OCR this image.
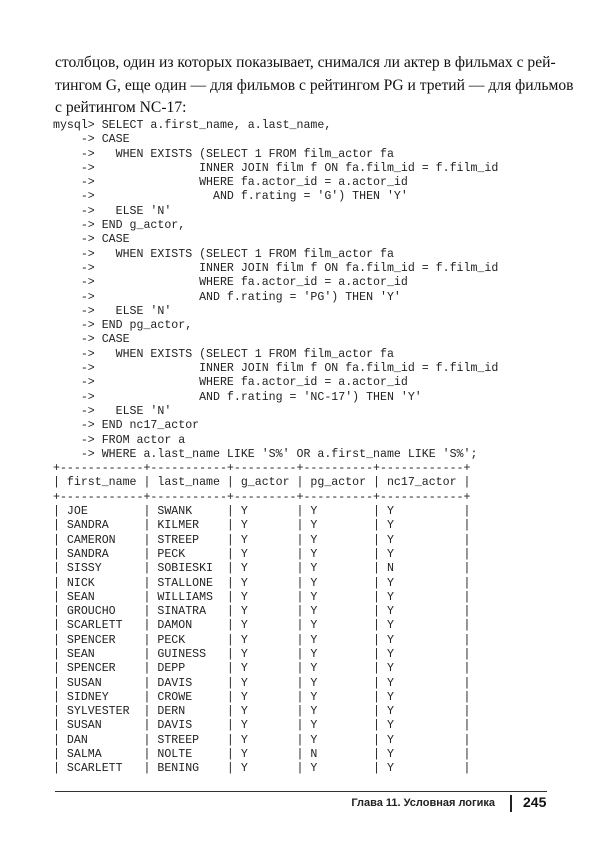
столбцов, один из которых показывает, снимался ли актер в фильмах с рей-
тингом G, еще один — для фильмов с рейтингом PG и третий — для фильмов
с рейтингом NC-17:
mysql> SELECT a.first_name, a.last_name,
-> CASE
->   WHEN EXISTS (SELECT 1 FROM film_actor fa
->               INNER JOIN film f ON fa.film_id = f.film_id
->               WHERE fa.actor_id = a.actor_id
->                 AND f.rating = 'G') THEN 'Y'
->   ELSE 'N'
-> END g_actor,
-> CASE
->   WHEN EXISTS (SELECT 1 FROM film_actor fa
->               INNER JOIN film f ON fa.film_id = f.film_id
->               WHERE fa.actor_id = a.actor_id
->               AND f.rating = 'PG') THEN 'Y'
->   ELSE 'N'
-> END pg_actor,
-> CASE
->   WHEN EXISTS (SELECT 1 FROM film_actor fa
->               INNER JOIN film f ON fa.film_id = f.film_id
->               WHERE fa.actor_id = a.actor_id
->               AND f.rating = 'NC-17') THEN 'Y'
->   ELSE 'N'
-> END nc17_actor
-> FROM actor a
-> WHERE a.last_name LIKE 'S%' OR a.first_name LIKE 'S%';
+------------+-----------+---------+----------+------------+
| first_name | last_name | g_actor | pg_actor | nc17_actor |
+------------+-----------+---------+----------+------------+
| JOE        | SWANK     | Y       | Y        | Y          |
| SANDRA     | KILMER    | Y       | Y        | Y          |
| CAMERON    | STREEP    | Y       | Y        | Y          |
| SANDRA     | PECK      | Y       | Y        | Y          |
| SISSY      | SOBIESKI  | Y       | Y        | N          |
| NICK       | STALLONE  | Y       | Y        | Y          |
| SEAN       | WILLIAMS  | Y       | Y        | Y          |
| GROUCHO    | SINATRA   | Y       | Y        | Y          |
| SCARLETT   | DAMON     | Y       | Y        | Y          |
| SPENCER    | PECK      | Y       | Y        | Y          |
| SEAN       | GUINESS   | Y       | Y        | Y          |
| SPENCER    | DEPP      | Y       | Y        | Y          |
| SUSAN      | DAVIS     | Y       | Y        | Y          |
| SIDNEY     | CROWE     | Y       | Y        | Y          |
| SYLVESTER  | DERN      | Y       | Y        | Y          |
| SUSAN      | DAVIS     | Y       | Y        | Y          |
| DAN        | STREEP    | Y       | Y        | Y          |
| SALMA      | NOLTE     | Y       | N        | Y          |
| SCARLETT   | BENING    | Y       | Y        | Y          |
Глава 11. Условная логика 245
